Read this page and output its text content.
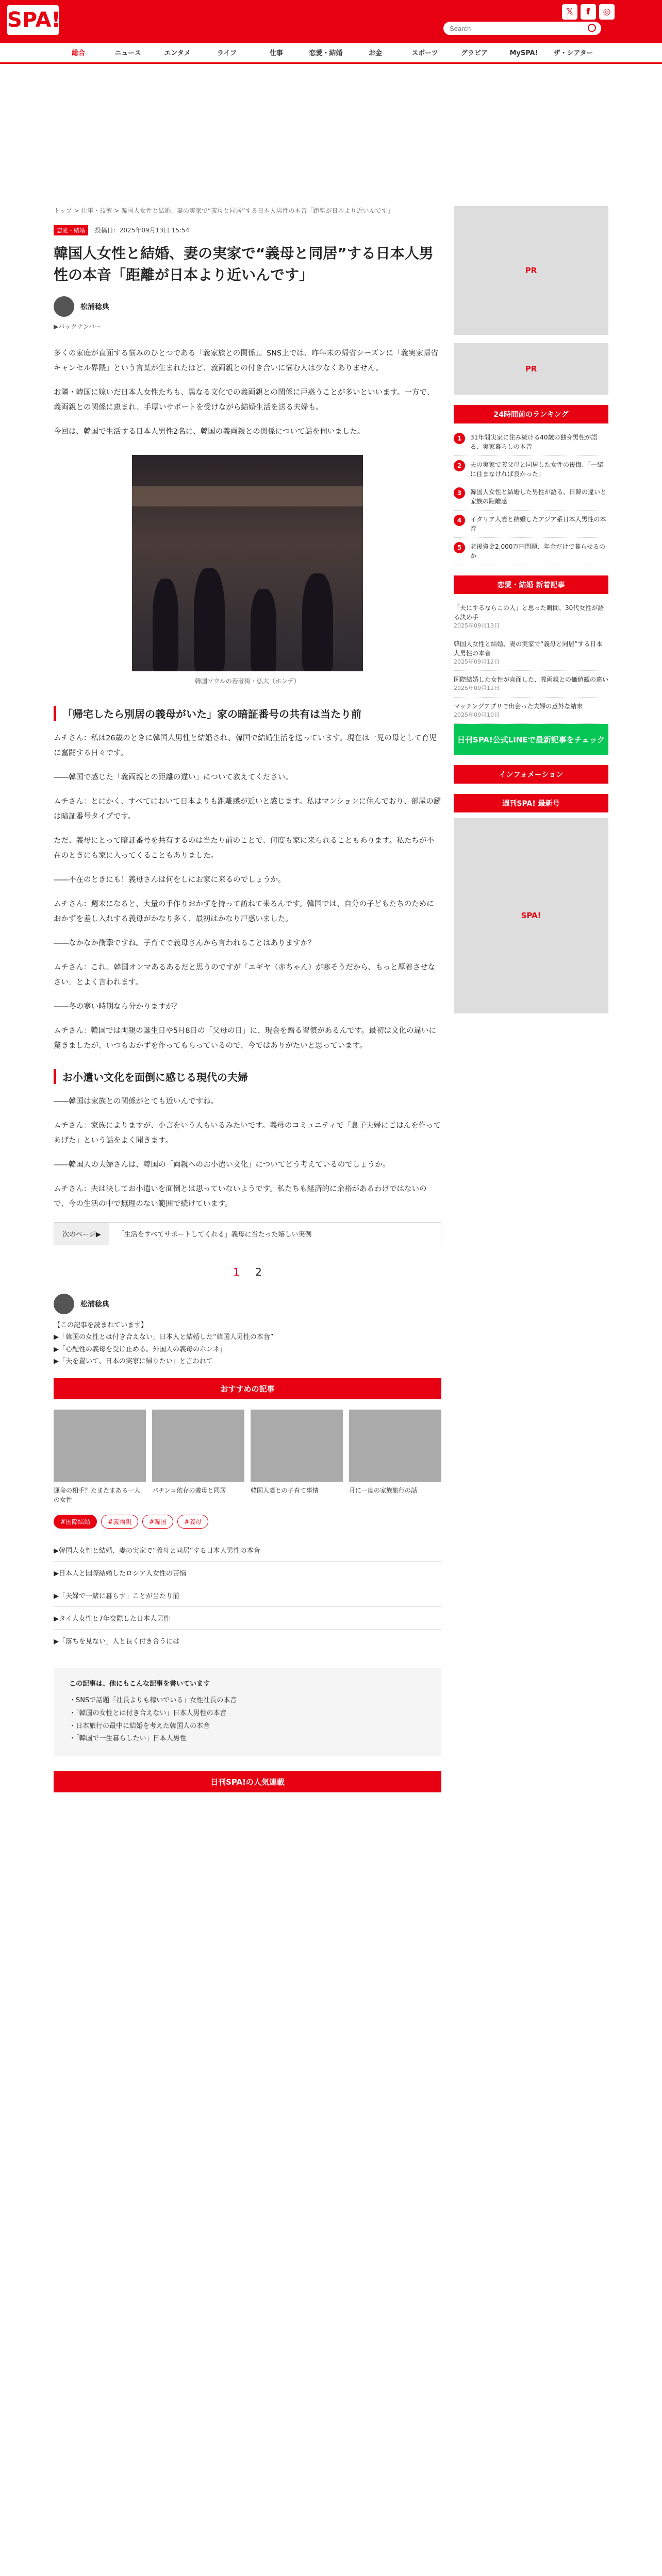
SPA!
Search	𝕏	f	◎
総合	ニュース	エンタメ	ライフ	仕事	恋愛・結婚	お金	スポーツ	グラビア	MySPA!	ザ・シアター
トップ > 仕事・技術 > 韓国人女性と結婚、妻の実家で“義母と同居”する日本人男性の本音「距離が日本より近いんです」
恋愛・結婚 投稿日：2025年09月13日 15:54
韓国人女性と結婚、妻の実家で“義母と同居”する日本人男性の本音「距離が日本より近いんです」
松浦稔典
▶バックナンバー

多くの家庭が直面する悩みのひとつである「義家族との関係」。SNS上では、昨年末の帰省シーズンに「義実家帰省キャンセル界隈」という言葉が生まれたほど、義両親との付き合いに悩む人は少なくありません。

お隣・韓国に嫁いだ日本人女性たちも、異なる文化での義両親との関係に戸惑うことが多いといいます。一方で、義両親との関係に恵まれ、手厚いサポートを受けながら結婚生活を送る夫婦も。

今回は、韓国で生活する日本人男性2名に、韓国の義両親との関係について話を伺いました。

韓国ソウルの若者街・弘大（ホンデ）
「帰宅したら別居の義母がいた」家の暗証番号の共有は当たり前

ムチさん：私は26歳のときに韓国人男性と結婚され、韓国で結婚生活を送っています。現在は一児の母として育児に奮闘する日々です。

――韓国で感じた「義両親との距離の違い」について教えてください。

ムチさん：とにかく、すべてにおいて日本よりも距離感が近いと感じます。私はマンションに住んでおり、部屋の鍵は暗証番号タイプです。

ただ、義母にとって暗証番号を共有するのは当たり前のことで、何度も家に来られることもあります。私たちが不在のときにも家に入ってくることもありました。

――不在のときにも！義母さんは何をしにお家に来るのでしょうか。

ムチさん：週末になると、大量の手作りおかずを持って訪ねて来るんです。韓国では、自分の子どもたちのためにおかずを差し入れする義母がかなり多く、最初はかなり戸惑いました。

――なかなか衝撃ですね。子育てで義母さんから言われることはありますか？

ムチさん：これ、韓国オンマあるあるだと思うのですが「エギヤ（赤ちゃん）が寒そうだから、もっと厚着させなさい」とよく言われます。

――冬の寒い時期なら分かりますが？

ムチさん：韓国では両親の誕生日や5月8日の「父母の日」に、現金を贈る習慣があるんです。最初は文化の違いに驚きましたが、いつもおかずを作ってもらっているので、今ではありがたいと思っています。

お小遣い文化を面倒に感じる現代の夫婦

――韓国は家族との関係がとても近いんですね。

ムチさん：家族によりますが、小言をいう人もいるみたいです。義母のコミュニティで「息子夫婦にごはんを作ってあげた」という話をよく聞きます。

――韓国人の夫婦さんは、韓国の「両親へのお小遣い文化」についてどう考えているのでしょうか。

ムチさん：夫は決してお小遣いを面倒とは思っていないようです。私たちも経済的に余裕があるわけではないので、今の生活の中で無理のない範囲で続けています。

次のページ▶	「生活をすべてサポートしてくれる」義母に当たった嬉しい実例
1 2
松浦稔典
【この記事を読まれています】
▶「韓国の女性とは付き合えない」日本人と結婚した“韓国人男性の本音”
▶「心配性の義母を受け止める。外国人の義母のホンネ」
▶「夫を置いて、日本の実家に帰りたい」と言われて
おすすめの記事
運命の相手？たまたまある一人の女性
パチンコ依存の義母と同居	韓国人妻との子育て事情	月に一度の家族旅行の話
#国際結婚	#義両親	#韓国	#義母
▶韓国人女性と結婚、妻の実家で“義母と同居”する日本人男性の本音
▶日本人と国際結婚したロシア人女性の苦悩
▶「夫婦で一緒に暮らす」ことが当たり前
▶タイ人女性と7年交際した日本人男性
▶「落ちを見ない」人と長く付き合うには
この記事は、他にもこんな記事を書いています
・SNSで話題「社長よりも稼いでいる」女性社長の本音
・「韓国の女性とは付き合えない」日本人男性の本音
・日本旅行の最中に結婚を考えた韓国人の本音
・「韓国で一生暮らしたい」日本人男性
日刊SPA!の人気連載
PR
PR
24時間前のランキング
1	31年間実家に住み続ける40歳の独身男性が語る、実家暮らしの本音
2	夫の実家で義父母と同居した女性の後悔、「一緒に住まなければ良かった」
3	韓国人女性と結婚した男性が語る、日韓の違いと家族の距離感
4	イタリア人妻と結婚したアジア系日本人男性の本音
5	老後資金2,000万円問題、年金だけで暮らせるのか
恋愛・結婚 新着記事
「夫にするならこの人」と思った瞬間、30代女性が語る決め手
2025年09月13日
韓国人女性と結婚、妻の実家で“義母と同居”する日本人男性の本音
2025年09月12日
国際結婚した女性が直面した、義両親との価値観の違い
2025年09月11日
マッチングアプリで出会った夫婦の意外な結末
2025年09月10日
日刊SPA!公式LINEで最新記事をチェック
インフォメーション
週刊SPA! 最新号
SPA!
